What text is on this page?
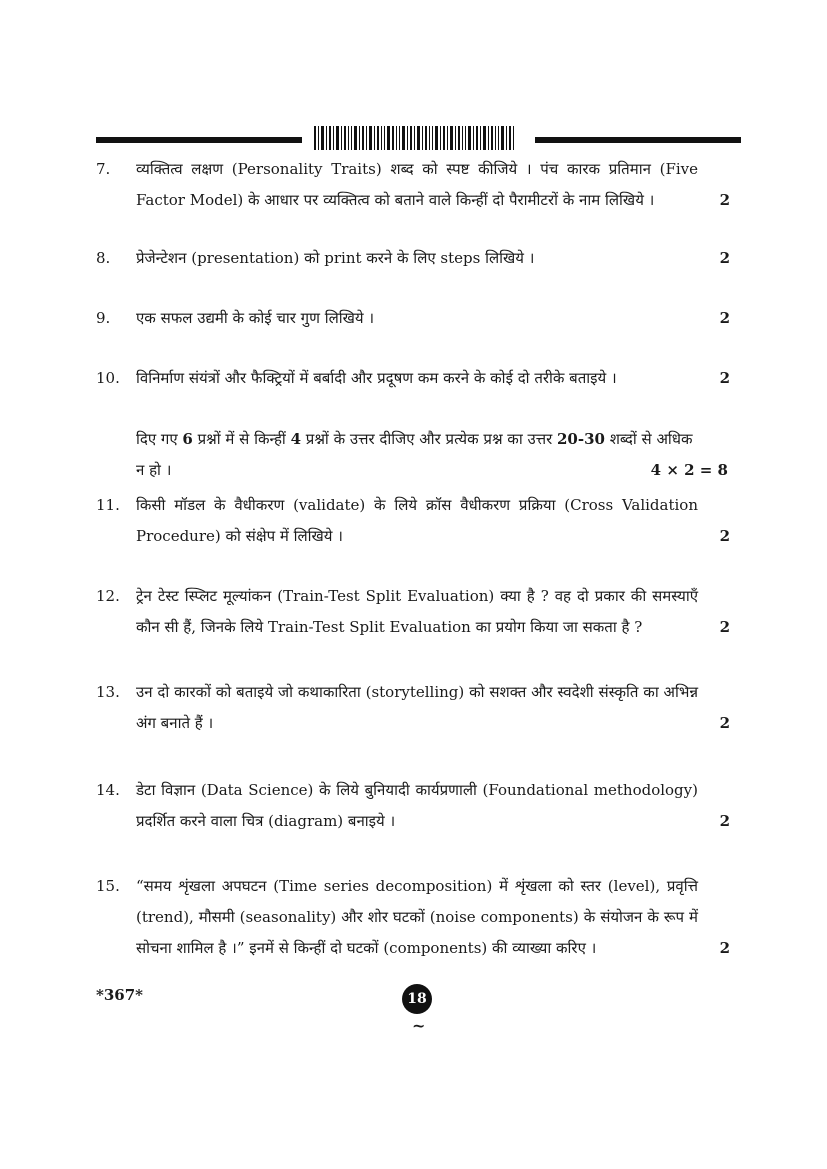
7.	व्यक्तित्व लक्षण (Personality Traits) शब्द को स्पष्ट कीजिये । पंच कारक प्रतिमान (Five Factor Model) के आधार पर व्यक्तित्व को बताने वाले किन्हीं दो पैरामीटरों के नाम लिखिये ।	2
8.	प्रेजेन्टेशन (presentation) को print करने के लिए steps लिखिये ।	2
9.	एक सफल उद्यमी के कोई चार गुण लिखिये ।	2
10.	विनिर्माण संयंत्रों और फैक्ट्रियों में बर्बादी और प्रदूषण कम करने के कोई दो तरीके बताइये ।	2
दिए गए 6 प्रश्नों में से किन्हीं 4 प्रश्नों के उत्तर दीजिए और प्रत्येक प्रश्न का उत्तर 20-30 शब्दों से अधिक न हो ।	4 × 2 = 8
11.	किसी मॉडल के वैधीकरण (validate) के लिये क्रॉस वैधीकरण प्रक्रिया (Cross Validation Procedure) को संक्षेप में लिखिये ।	2
12.	ट्रेन टेस्ट स्प्लिट मूल्यांकन (Train-Test Split Evaluation) क्या है ? वह दो प्रकार की समस्याएँ कौन सी हैं, जिनके लिये Train-Test Split Evaluation का प्रयोग किया जा सकता है ?	2
13.	उन दो कारकों को बताइये जो कथाकारिता (storytelling) को सशक्त और स्वदेशी संस्कृति का अभिन्न अंग बनाते हैं ।	2
14.	डेटा विज्ञान (Data Science) के लिये बुनियादी कार्यप्रणाली (Foundational methodology) प्रदर्शित करने वाला चित्र (diagram) बनाइये ।	2
15.	“समय शृंखला अपघटन (Time series decomposition) में शृंखला को स्तर (level), प्रवृत्ति (trend), मौसमी (seasonality) और शोर घटकों (noise components) के संयोजन के रूप में सोचना शामिल है ।” इनमें से किन्हीं दो घटकों (components) की व्याख्या करिए ।	2
*367*	18
~
